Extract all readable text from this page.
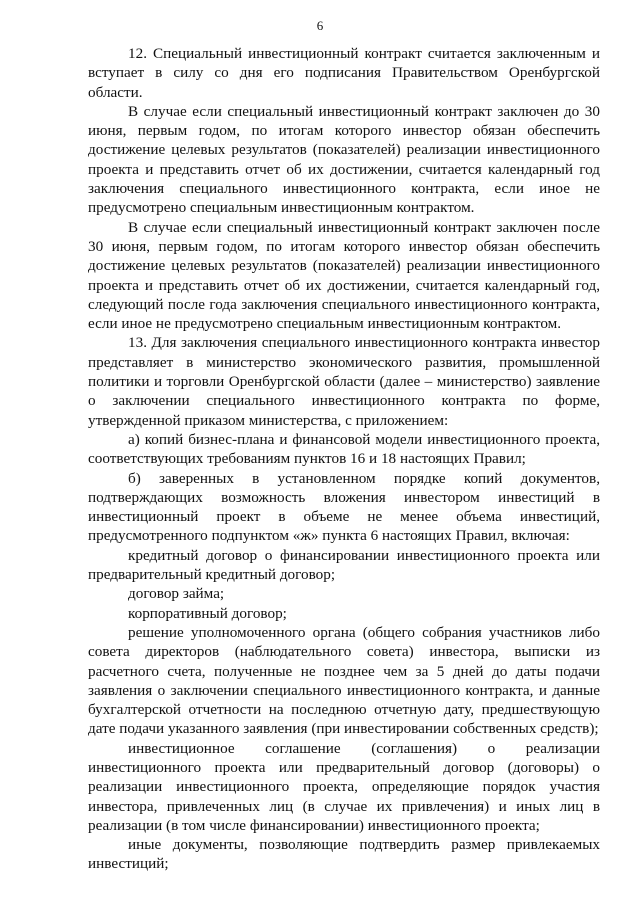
6

12. Специальный инвестиционный контракт считается заключенным и вступает в силу со дня его подписания Правительством Оренбургской области.

В случае если специальный инвестиционный контракт заключен до 30 июня, первым годом, по итогам которого инвестор обязан обеспечить достижение целевых результатов (показателей) реализации инвестиционного проекта и представить отчет об их достижении, считается календарный год заключения специального инвестиционного контракта, если иное не предусмотрено специальным инвестиционным контрактом.

В случае если специальный инвестиционный контракт заключен после 30 июня, первым годом, по итогам которого инвестор обязан обеспечить достижение целевых результатов (показателей) реализации инвестиционного проекта и представить отчет об их достижении, считается календарный год, следующий после года заключения специального инвестиционного контракта, если иное не предусмотрено специальным инвестиционным контрактом.

13. Для заключения специального инвестиционного контракта инвестор представляет в министерство экономического развития, промышленной политики и торговли Оренбургской области (далее – министерство) заявление о заключении специального инвестиционного контракта по форме, утвержденной приказом министерства, с приложением:

а) копий бизнес-плана и финансовой модели инвестиционного проекта, соответствующих требованиям пунктов 16 и 18 настоящих Правил;

б) заверенных в установленном порядке копий документов, подтверждающих возможность вложения инвестором инвестиций в инвестиционный проект в объеме не менее объема инвестиций, предусмотренного подпунктом «ж» пункта 6 настоящих Правил, включая:

кредитный договор о финансировании инвестиционного проекта или предварительный кредитный договор;

договор займа;

корпоративный договор;

решение уполномоченного органа (общего собрания участников либо совета директоров (наблюдательного совета) инвестора, выписки из расчетного счета, полученные не позднее чем за 5 дней до даты подачи заявления о заключении специального инвестиционного контракта, и данные бухгалтерской отчетности на последнюю отчетную дату, предшествующую дате подачи указанного заявления (при инвестировании собственных средств);

инвестиционное соглашение (соглашения) о реализации инвестиционного проекта или предварительный договор (договоры) о реализации инвестиционного проекта, определяющие порядок участия инвестора, привлеченных лиц (в случае их привлечения) и иных лиц в реализации (в том числе финансировании) инвестиционного проекта;

иные документы, позволяющие подтвердить размер привлекаемых инвестиций;
